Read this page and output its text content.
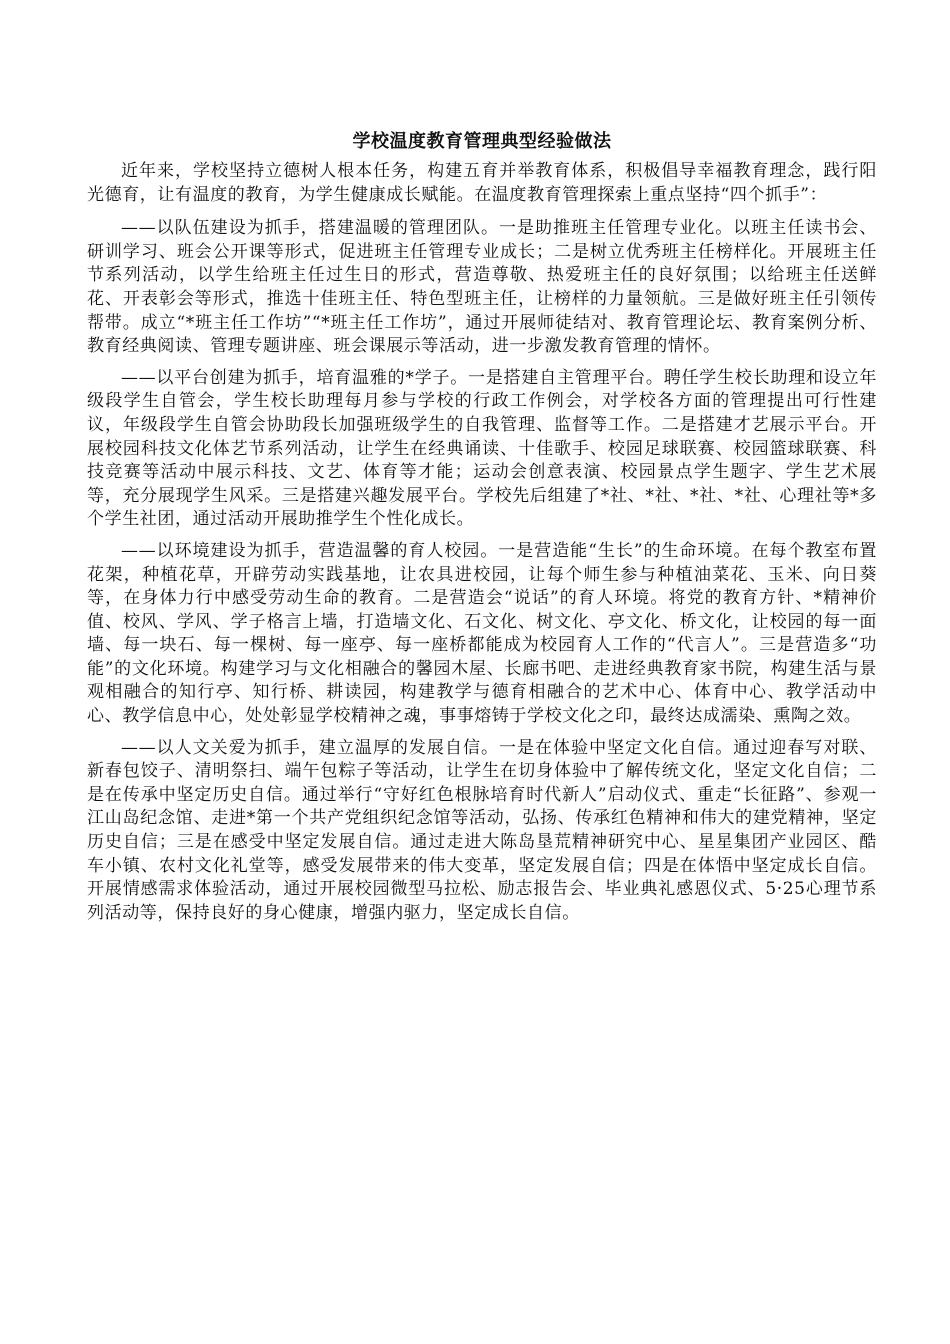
学校温度教育管理典型经验做法

近年来，学校坚持立德树人根本任务，构建五育并举教育体系，积极倡导幸福教育理念，践行阳光德育，让有温度的教育，为学生健康成长赋能。在温度教育管理探索上重点坚持“四个抓手”：

——以队伍建设为抓手，搭建温暖的管理团队。一是助推班主任管理专业化。以班主任读书会、研训学习、班会公开课等形式，促进班主任管理专业成长；二是树立优秀班主任榜样化。开展班主任节系列活动，以学生给班主任过生日的形式，营造尊敬、热爱班主任的良好氛围；以给班主任送鲜花、开表彰会等形式，推选十佳班主任、特色型班主任，让榜样的力量领航。三是做好班主任引领传帮带。成立“*班主任工作坊”“*班主任工作坊”，通过开展师徒结对、教育管理论坛、教育案例分析、教育经典阅读、管理专题讲座、班会课展示等活动，进一步激发教育管理的情怀。

——以平台创建为抓手，培育温雅的*学子。一是搭建自主管理平台。聘任学生校长助理和设立年级段学生自管会，学生校长助理每月参与学校的行政工作例会，对学校各方面的管理提出可行性建议，年级段学生自管会协助段长加强班级学生的自我管理、监督等工作。二是搭建才艺展示平台。开展校园科技文化体艺节系列活动，让学生在经典诵读、十佳歌手、校园足球联赛、校园篮球联赛、科技竞赛等活动中展示科技、文艺、体育等才能；运动会创意表演、校园景点学生题字、学生艺术展等，充分展现学生风采。三是搭建兴趣发展平台。学校先后组建了*社、*社、*社、*社、心理社等*多个学生社团，通过活动开展助推学生个性化成长。

——以环境建设为抓手，营造温馨的育人校园。一是营造能“生长”的生命环境。在每个教室布置花架，种植花草，开辟劳动实践基地，让农具进校园，让每个师生参与种植油菜花、玉米、向日葵等，在身体力行中感受劳动生命的教育。二是营造会“说话”的育人环境。将党的教育方针、*精神价值、校风、学风、学子格言上墙，打造墙文化、石文化、树文化、亭文化、桥文化，让校园的每一面墙、每一块石、每一棵树、每一座亭、每一座桥都能成为校园育人工作的“代言人”。三是营造多“功能”的文化环境。构建学习与文化相融合的馨园木屋、长廊书吧、走进经典教育家书院，构建生活与景观相融合的知行亭、知行桥、耕读园，构建教学与德育相融合的艺术中心、体育中心、教学活动中心、教学信息中心，处处彰显学校精神之魂，事事熔铸于学校文化之印，最终达成濡染、熏陶之效。

——以人文关爱为抓手，建立温厚的发展自信。一是在体验中坚定文化自信。通过迎春写对联、新春包饺子、清明祭扫、端午包粽子等活动，让学生在切身体验中了解传统文化，坚定文化自信；二是在传承中坚定历史自信。通过举行“守好红色根脉培育时代新人”启动仪式、重走“长征路”、参观一江山岛纪念馆、走进*第一个共产党组织纪念馆等活动，弘扬、传承红色精神和伟大的建党精神，坚定历史自信；三是在感受中坚定发展自信。通过走进大陈岛垦荒精神研究中心、星星集团产业园区、酷车小镇、农村文化礼堂等，感受发展带来的伟大变革，坚定发展自信；四是在体悟中坚定成长自信。开展情感需求体验活动，通过开展校园微型马拉松、励志报告会、毕业典礼感恩仪式、5·25心理节系列活动等，保持良好的身心健康，增强内驱力，坚定成长自信。
